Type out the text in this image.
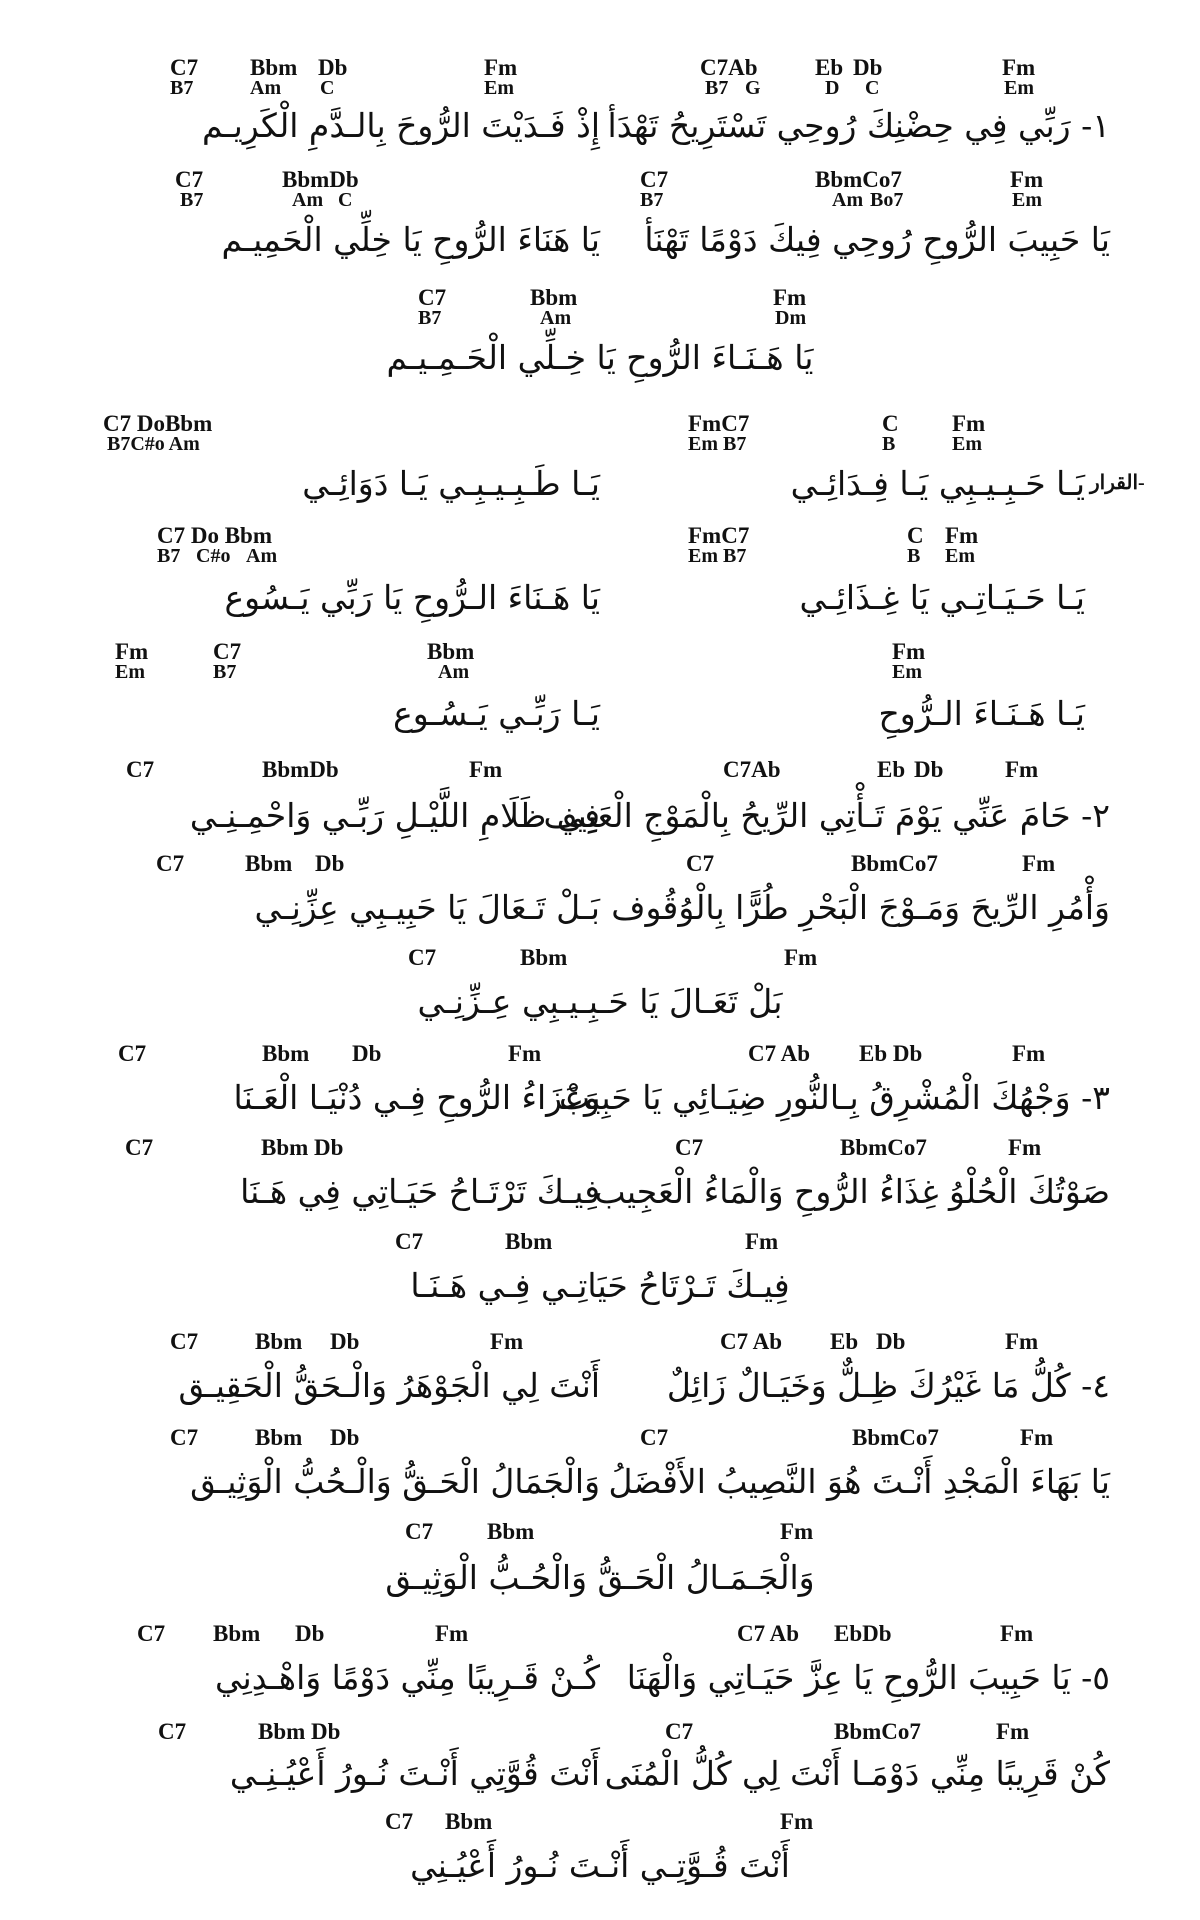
C7 Bbm Db	Fm	C7Ab Eb Db	Fm
B7	Am C	Em	B7 G	D C	Em
١- رَبِّي فِي حِضْنِكَ رُوحِي تَسْتَرِيحُ تَهْدَأ
إِذْ فَـدَيْتَ الرُّوحَ بِالـدَّمِ الْكَرِيـم
C7	BbmDb	C7	BbmCo7	Fm
B7	Am C	B7	Am Bo7	Em
يَا حَبِيبَ الرُّوحِ رُوحِي فِيكَ دَوْمًا تَهْنَأ
يَا هَنَاءَ الرُّوحِ يَا خِلِّي الْحَمِيـم
C7	Bbm	Fm
B7	Am	Dm
يَا هَـنَـاءَ الرُّوحِ يَا خِـلِّي الْحَـمِـيـم
C7 DoBbm	FmC7	C Fm
B7C#o Am	Em B7	B	Em
القرار-
يَـا حَـبِـيـبِي يَـا فِـدَائِـي
يَـا طَـبِـيـبِـي يَـا دَوَائِـي
C7 Do Bbm	FmC7	C Fm
B7 C#o Am	Em B7	B Em
يَـا حَـيَـاتِـي يَا غِـذَائِـي
يَا هَـنَاءَ الـرُّوحِ يَا رَبِّي يَـسُوع
Fm	C7	Bbm	Fm
Em	B7	Am	Em
يَـا هَـنَـاءَ الـرُّوحِ
يَـا رَبِّـي يَـسُـوع
C7	BbmDb	Fm	C7Ab	Eb Db	Fm
٢- حَامَ عَنِّي يَوْمَ تَـأْتِي الرِّيحُ بِالْمَوْجِ الْعَنِيف
فِي ظَلَامِ اللَّيْـلِ رَبِّـي وَاحْمِـنِـي
C7	Bbm Db	C7	BbmCo7	Fm
وَأْمُرِ الرِّيحَ وَمَـوْجَ الْبَحْرِ طُرًّا بِالْوُقُوف
بَـلْ تَـعَالَ يَا حَبِيـبِي عِزِّنِـي
C7	Bbm	Fm
بَلْ تَعَـالَ يَا حَـبِـيـبِي عِـزِّنِـي
C7	Bbm Db	Fm	C7 Ab Eb Db	Fm
٣- وَجْهُكَ الْمُشْرِقُ بِـالنُّورِ ضِيَـائِي يَا حَبِيبْ
وَعَزَاءُ الرُّوحِ فِـي دُنْيَـا الْعَـنَا
C7	Bbm Db	C7	BbmCo7	Fm
صَوْتُكَ الْحُلْوُ غِذَاءُ الرُّوحِ وَالْمَاءُ الْعَجِيب
فِيـكَ تَرْتَـاحُ حَيَـاتِي فِي هَـنَا
C7	Bbm	Fm
فِيـكَ تَـرْتَاحُ حَيَاتِـي فِـي هَـنَـا
C7 Bbm Db	Fm	C7 Ab Eb Db	Fm
٤- كُلُّ مَا غَيْرُكَ ظِـلٌّ وَخَيَـالٌ زَائِلٌ
أَنْتَ لِي الْجَوْهَرُ وَالْـحَقُّ الْحَقِيـق
C7 Bbm Db	C7	BbmCo7	Fm
يَا بَهَاءَ الْمَجْدِ أَنْـتَ هُوَ النَّصِيبُ الأَفْضَلُ
وَالْجَمَالُ الْحَـقُّ وَالْـحُبُّ الْوَثِيـق
C7 Bbm	Fm
وَالْجَـمَـالُ الْحَـقُّ وَالْحُـبُّ الْوَثِيـق
C7 Bbm Db	Fm	C7 Ab EbDb	Fm
٥- يَا حَبِيبَ الرُّوحِ يَا عِزَّ حَيَـاتِي وَالْهَنَا
كُـنْ قَـرِيبًا مِنِّي دَوْمًا وَاهْـدِنِي
C7	Bbm Db	C7	BbmCo7	Fm
كُنْ قَرِيبًا مِنِّي دَوْمَـا أَنْتَ لِي كُلُّ الْمُنَى
أَنْتَ قُوَّتِي أَنْـتَ نُـورُ أَعْيُـنِـي
C7 Bbm	Fm
أَنْتَ قُـوَّتِـي أَنْـتَ نُـورُ أَعْيُـنِي
